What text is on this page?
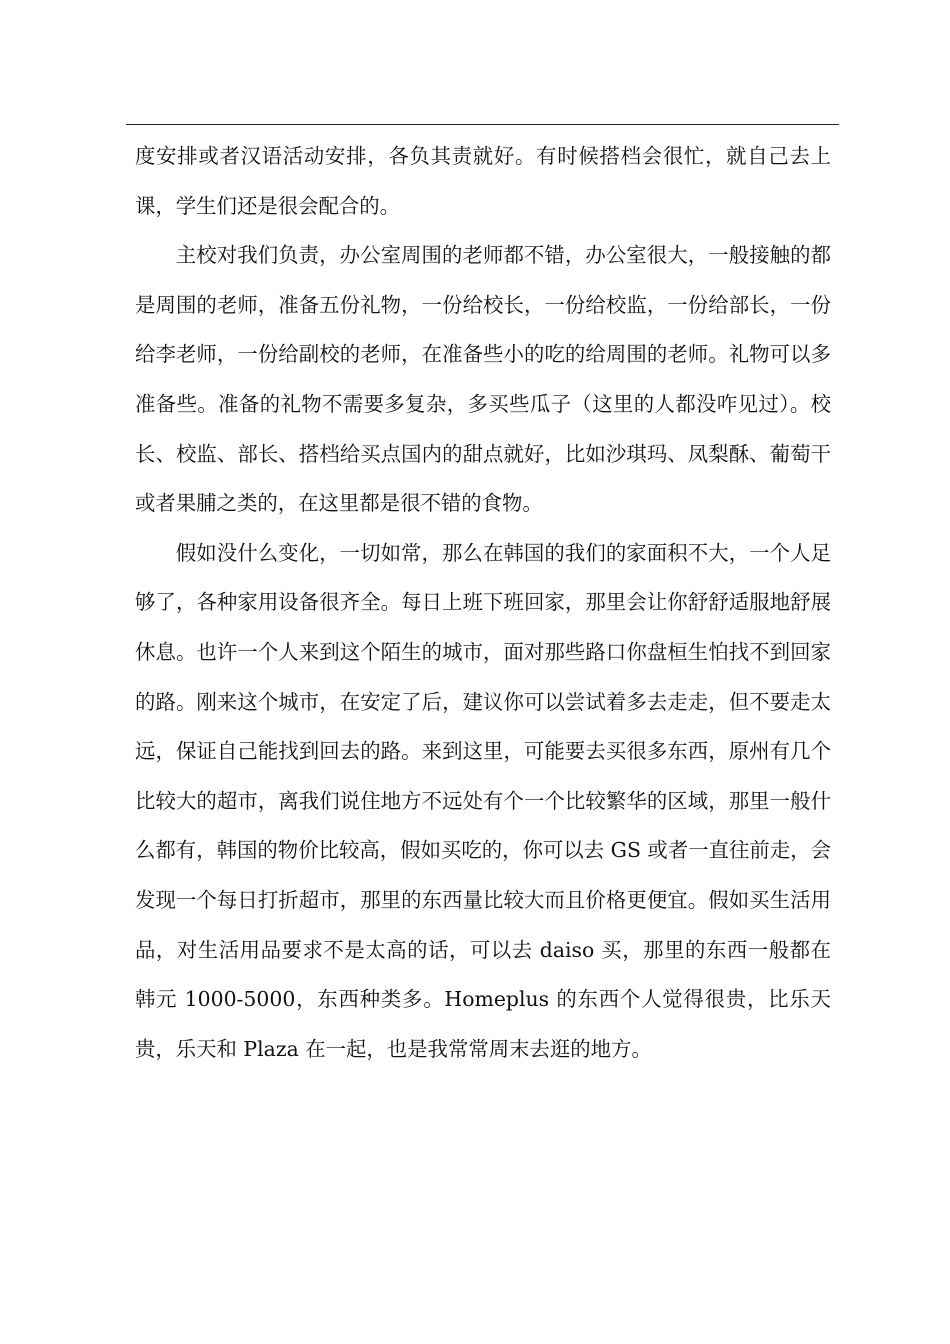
度安排或者汉语活动安排，各负其责就好。有时候搭档会很忙，就自己去上课，学生们还是很会配合的。

主校对我们负责，办公室周围的老师都不错，办公室很大，一般接触的都是周围的老师，准备五份礼物，一份给校长，一份给校监，一份给部长，一份给李老师，一份给副校的老师，在准备些小的吃的给周围的老师。礼物可以多准备些。准备的礼物不需要多复杂，多买些瓜子（这里的人都没咋见过）。校长、校监、部长、搭档给买点国内的甜点就好，比如沙琪玛、凤梨酥、葡萄干或者果脯之类的，在这里都是很不错的食物。

假如没什么变化，一切如常，那么在韩国的我们的家面积不大，一个人足够了，各种家用设备很齐全。每日上班下班回家，那里会让你舒舒适服地舒展休息。也许一个人来到这个陌生的城市，面对那些路口你盘桓生怕找不到回家的路。刚来这个城市，在安定了后，建议你可以尝试着多去走走，但不要走太远，保证自己能找到回去的路。来到这里，可能要去买很多东西，原州有几个比较大的超市，离我们说住地方不远处有个一个比较繁华的区域，那里一般什么都有，韩国的物价比较高，假如买吃的，你可以去 GS 或者一直往前走，会发现一个每日打折超市，那里的东西量比较大而且价格更便宜。假如买生活用品，对生活用品要求不是太高的话，可以去 daiso 买，那里的东西一般都在韩元 1000-5000，东西种类多。Homeplus 的东西个人觉得很贵，比乐天贵，乐天和 Plaza 在一起，也是我常常周末去逛的地方。
